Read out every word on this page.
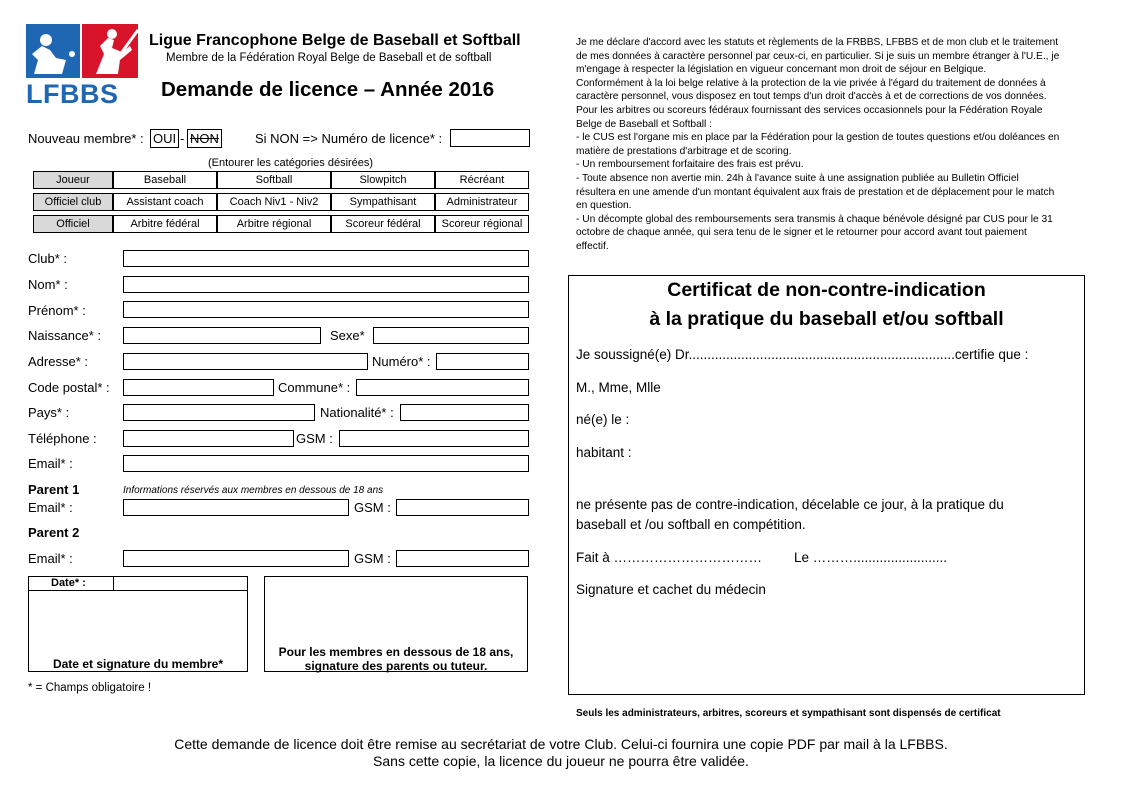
LFBBS
Ligue Francophone Belge de Baseball et Softball
Membre de la Fédération Royal Belge de Baseball et de softball
Demande de licence – Année 2016
Nouveau membre* : OUI - NON	Si NON => Numéro de licence* :
(Entourer les catégories désirées)
Joueur	Baseball	Softball	Slowpitch	Récréant
Officiel club	Assistant coach	Coach Niv1 - Niv2	Sympathisant	Administrateur
Officiel	Arbitre fédéral	Arbitre régional	Scoreur fédéral	Scoreur régional
Club* :
Nom* :
Prénom* :
Naissance* :	Sexe*
Adresse* :	Numéro* :
Code postal* :	Commune* :
Pays* :	Nationalité* :
Téléphone :	GSM :
Email* :
Parent 1	Informations réservés aux membres en dessous de 18 ans
Email* :	GSM :
Parent 2
Email* :	GSM :
Date* :
Date et signature du membre*
Pour les membres en dessous de 18 ans,
signature des parents ou tuteur.
* = Champs obligatoire !
Je me déclare d'accord avec les statuts et règlements de la FRBBS, LFBBS et de mon club et le traitement
de mes données à caractère personnel par ceux-ci, en particulier. Si je suis un membre étranger à l'U.E., je
m'engage à respecter la législation en vigueur concernant mon droit de séjour en Belgique.
Conformément à la loi belge relative à la protection de la vie privée à l'égard du traitement de données à
caractère personnel, vous disposez en tout temps d'un droit d'accès à et de corrections de vos données.
Pour les arbitres ou scoreurs fédéraux fournissant des services occasionnels pour la Fédération Royale
Belge de Baseball et Softball :
- le CUS est l'organe mis en place par la Fédération pour la gestion de toutes questions et/ou doléances en
matière de prestations d'arbitrage et de scoring.
- Un remboursement forfaitaire des frais est prévu.
- Toute absence non avertie min. 24h à l'avance suite à une assignation publiée au Bulletin Officiel
résultera en une amende d'un montant équivalent aux frais de prestation et de déplacement pour le match
en question.
- Un décompte global des remboursements sera transmis à chaque bénévole désigné par CUS pour le 31
octobre de chaque année, qui sera tenu de le signer et le retourner pour accord avant tout paiement
effectif.
Certificat de non-contre-indication
à la pratique du baseball et/ou softball
Je soussigné(e) Dr.......................................................................certifie que :
M., Mme, Mlle
né(e) le :
habitant :
ne présente pas de contre-indication, décelable ce jour, à la pratique du
baseball et /ou softball en compétition.
Fait à …………………………… Le ……….........................
Signature et cachet du médecin
Seuls les administrateurs, arbitres, scoreurs et sympathisant sont dispensés de certificat
Cette demande de licence doit être remise au secrétariat de votre Club. Celui-ci fournira une copie PDF par mail à la LFBBS.
Sans cette copie, la licence du joueur ne pourra être validée.
